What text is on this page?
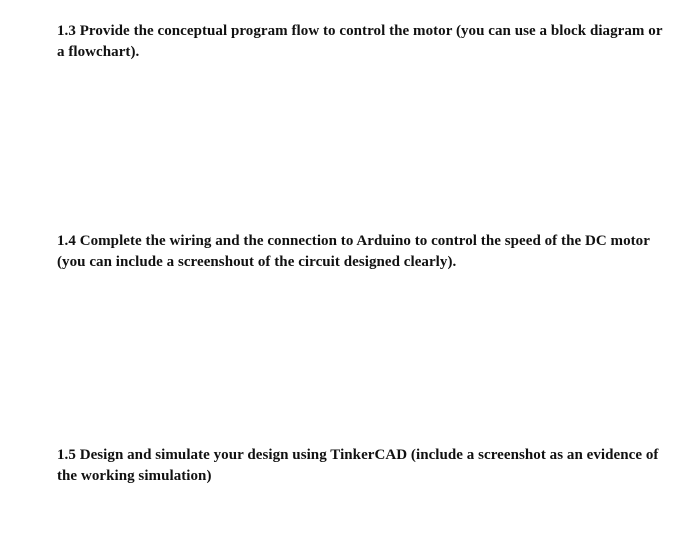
1.3 Provide the conceptual program flow to control the motor (you can use a block diagram or a flowchart).

1.4 Complete the wiring and the connection to Arduino to control the speed of the DC motor (you can include a screenshout of the circuit designed clearly).

1.5 Design and simulate your design using TinkerCAD (include a screenshot as an evidence of the working simulation)
